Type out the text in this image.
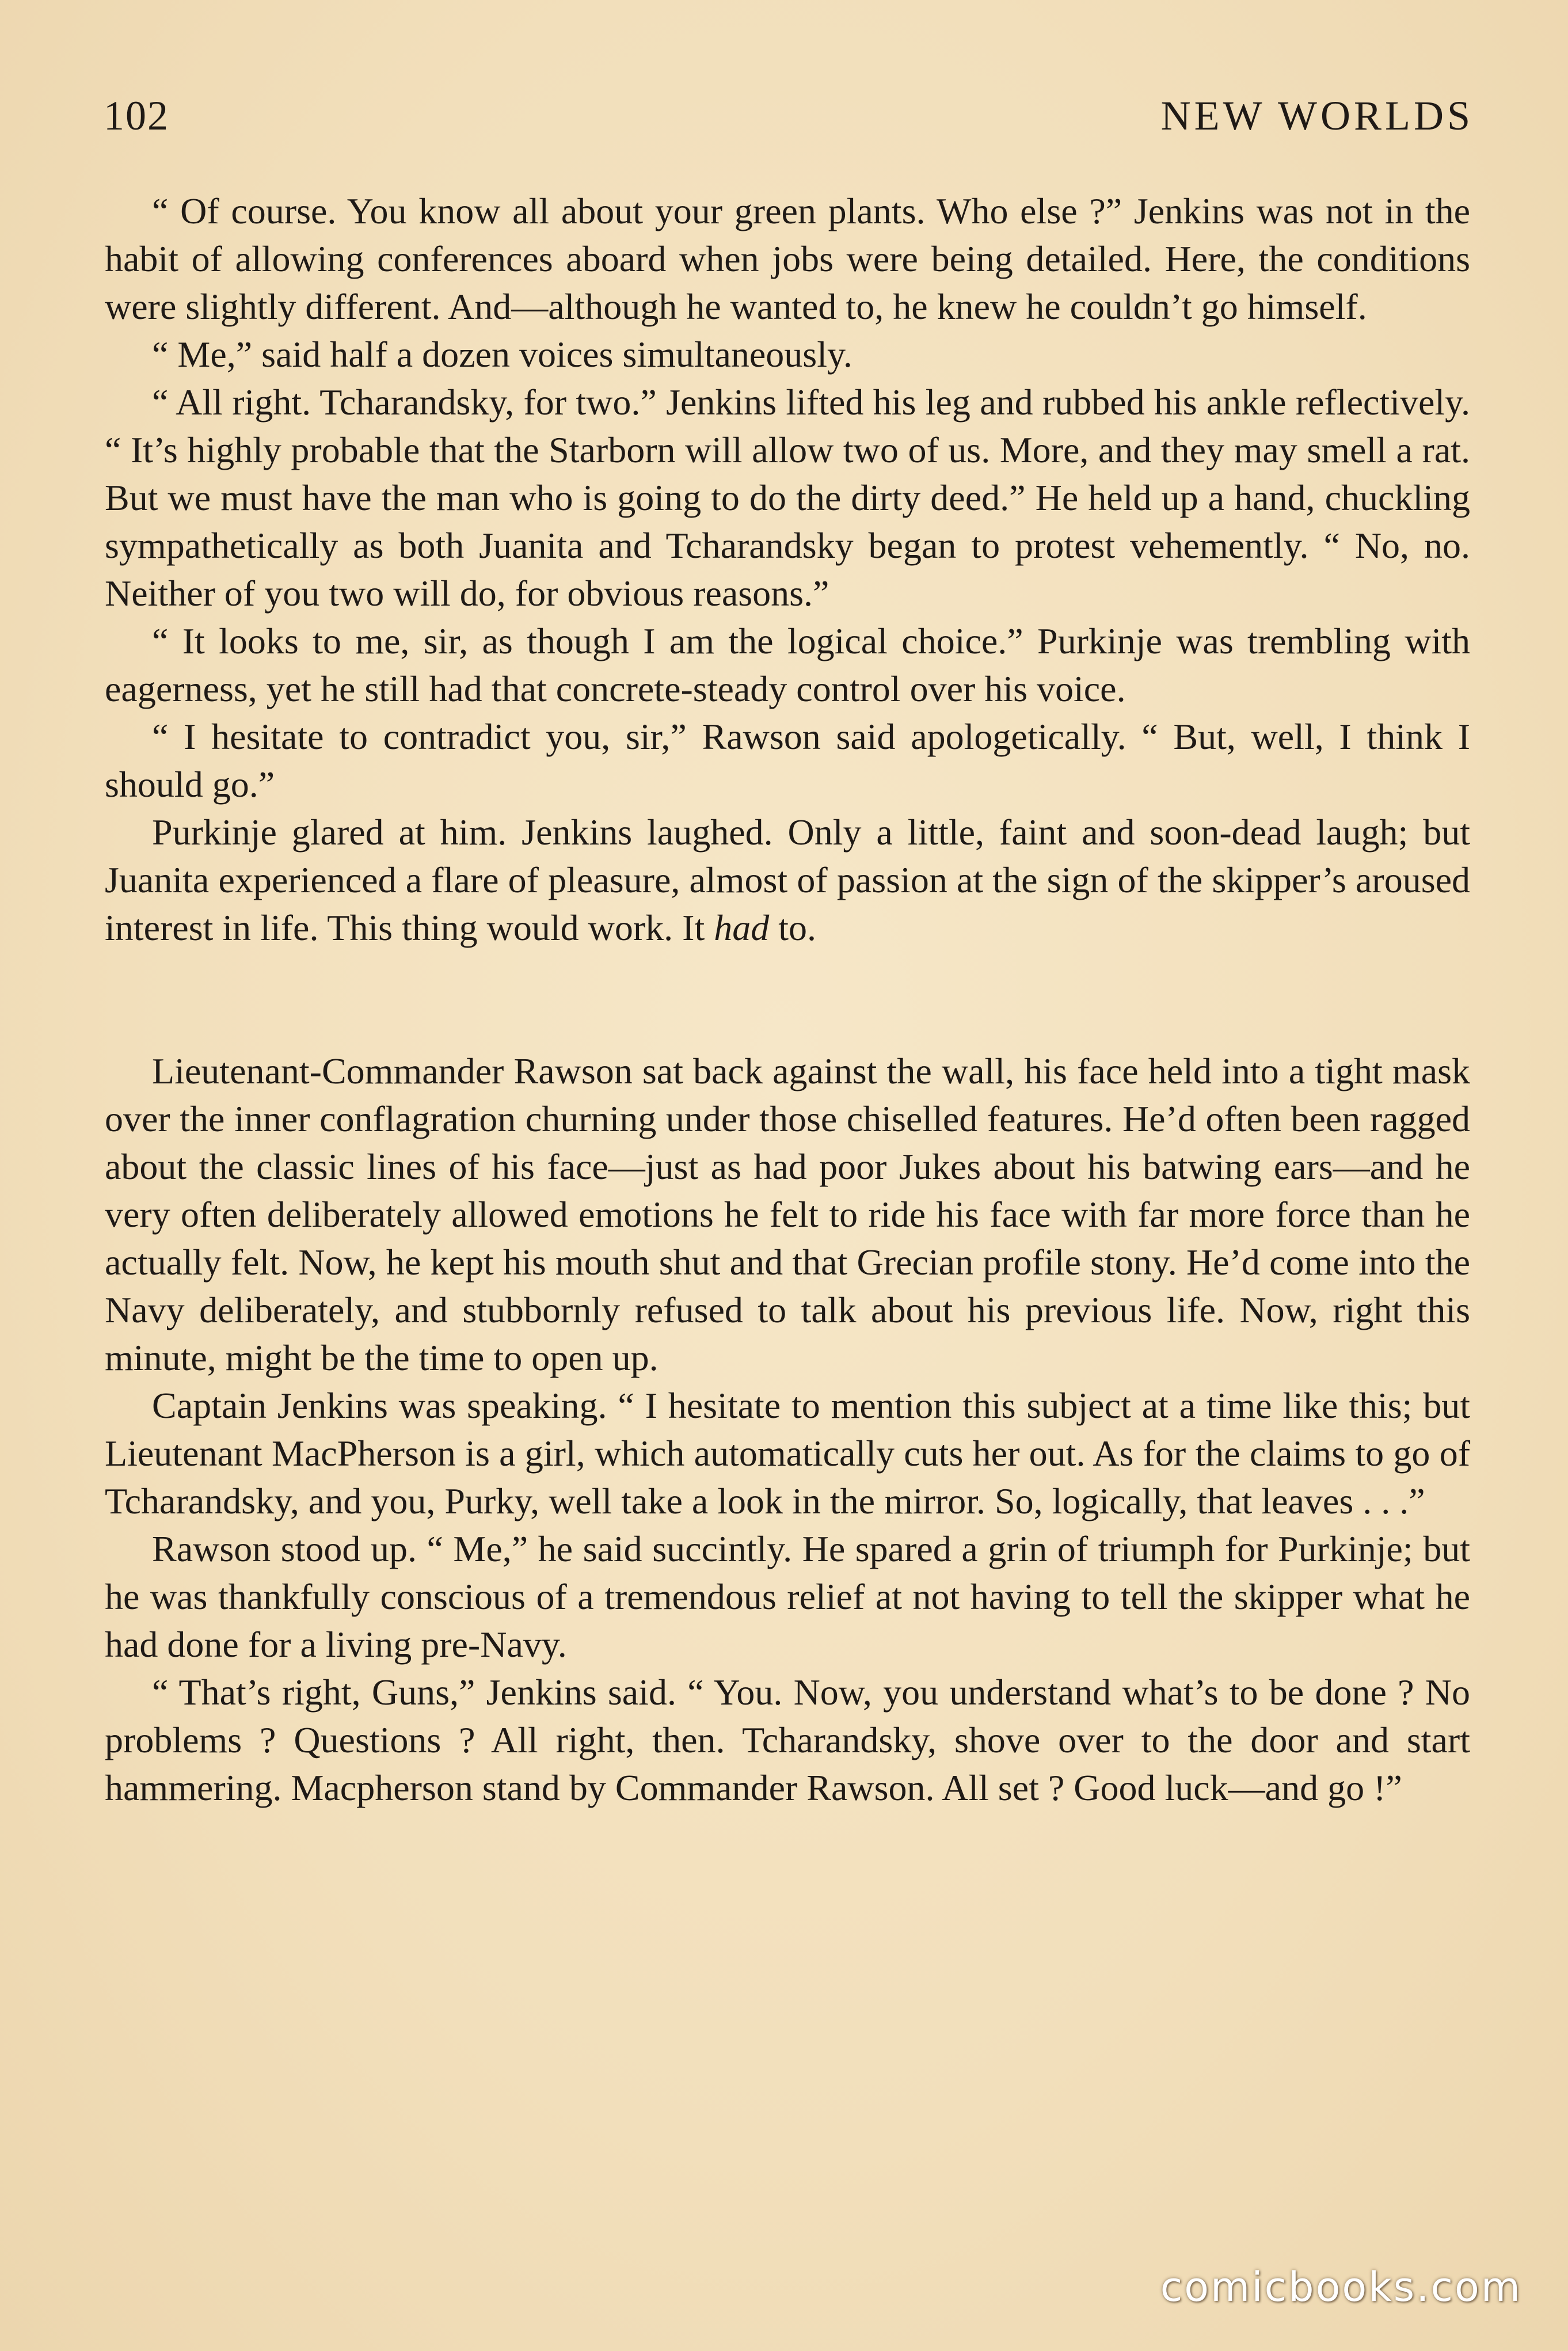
102	NEW WORLDS

“ Of course. You know all about your green plants. Who else ?” Jenkins was not in the habit of allowing conferences aboard when jobs were being detailed. Here, the conditions were slightly different. And—although he wanted to, he knew he couldn’t go himself.

“ Me,” said half a dozen voices simultaneously.

“ All right. Tcharandsky, for two.” Jenkins lifted his leg and rubbed his ankle reflectively. “ It’s highly probable that the Starborn will allow two of us. More, and they may smell a rat. But we must have the man who is going to do the dirty deed.” He held up a hand, chuckling sympathetically as both Juanita and Tcharandsky began to protest vehemently. “ No, no. Neither of you two will do, for obvious reasons.”

“ It looks to me, sir, as though I am the logical choice.” Purkinje was trembling with eagerness, yet he still had that concrete-steady control over his voice.

“ I hesitate to contradict you, sir,” Rawson said apologetically. “ But, well, I think I should go.”

Purkinje glared at him. Jenkins laughed. Only a little, faint and soon-dead laugh; but Juanita experienced a flare of pleasure, almost of passion at the sign of the skipper’s aroused interest in life. This thing would work. It had to.

Lieutenant-Commander Rawson sat back against the wall, his face held into a tight mask over the inner conflagration churning under those chiselled features. He’d often been ragged about the classic lines of his face—just as had poor Jukes about his batwing ears—and he very often deliberately allowed emotions he felt to ride his face with far more force than he actually felt. Now, he kept his mouth shut and that Grecian profile stony. He’d come into the Navy deliberately, and stubbornly refused to talk about his previous life. Now, right this minute, might be the time to open up.

Captain Jenkins was speaking. “ I hesitate to mention this subject at a time like this; but Lieutenant MacPherson is a girl, which automatically cuts her out. As for the claims to go of Tcharandsky, and you, Purky, well take a look in the mirror. So, logically, that leaves . . .”

Rawson stood up. “ Me,” he said succintly. He spared a grin of triumph for Purkinje; but he was thankfully conscious of a tremendous relief at not having to tell the skipper what he had done for a living pre-Navy.

“ That’s right, Guns,” Jenkins said. “ You. Now, you understand what’s to be done ? No problems ? Questions ? All right, then. Tcharandsky, shove over to the door and start hammering. Macpherson stand by Commander Rawson. All set ? Good luck—and go !”

comicbooks.com
